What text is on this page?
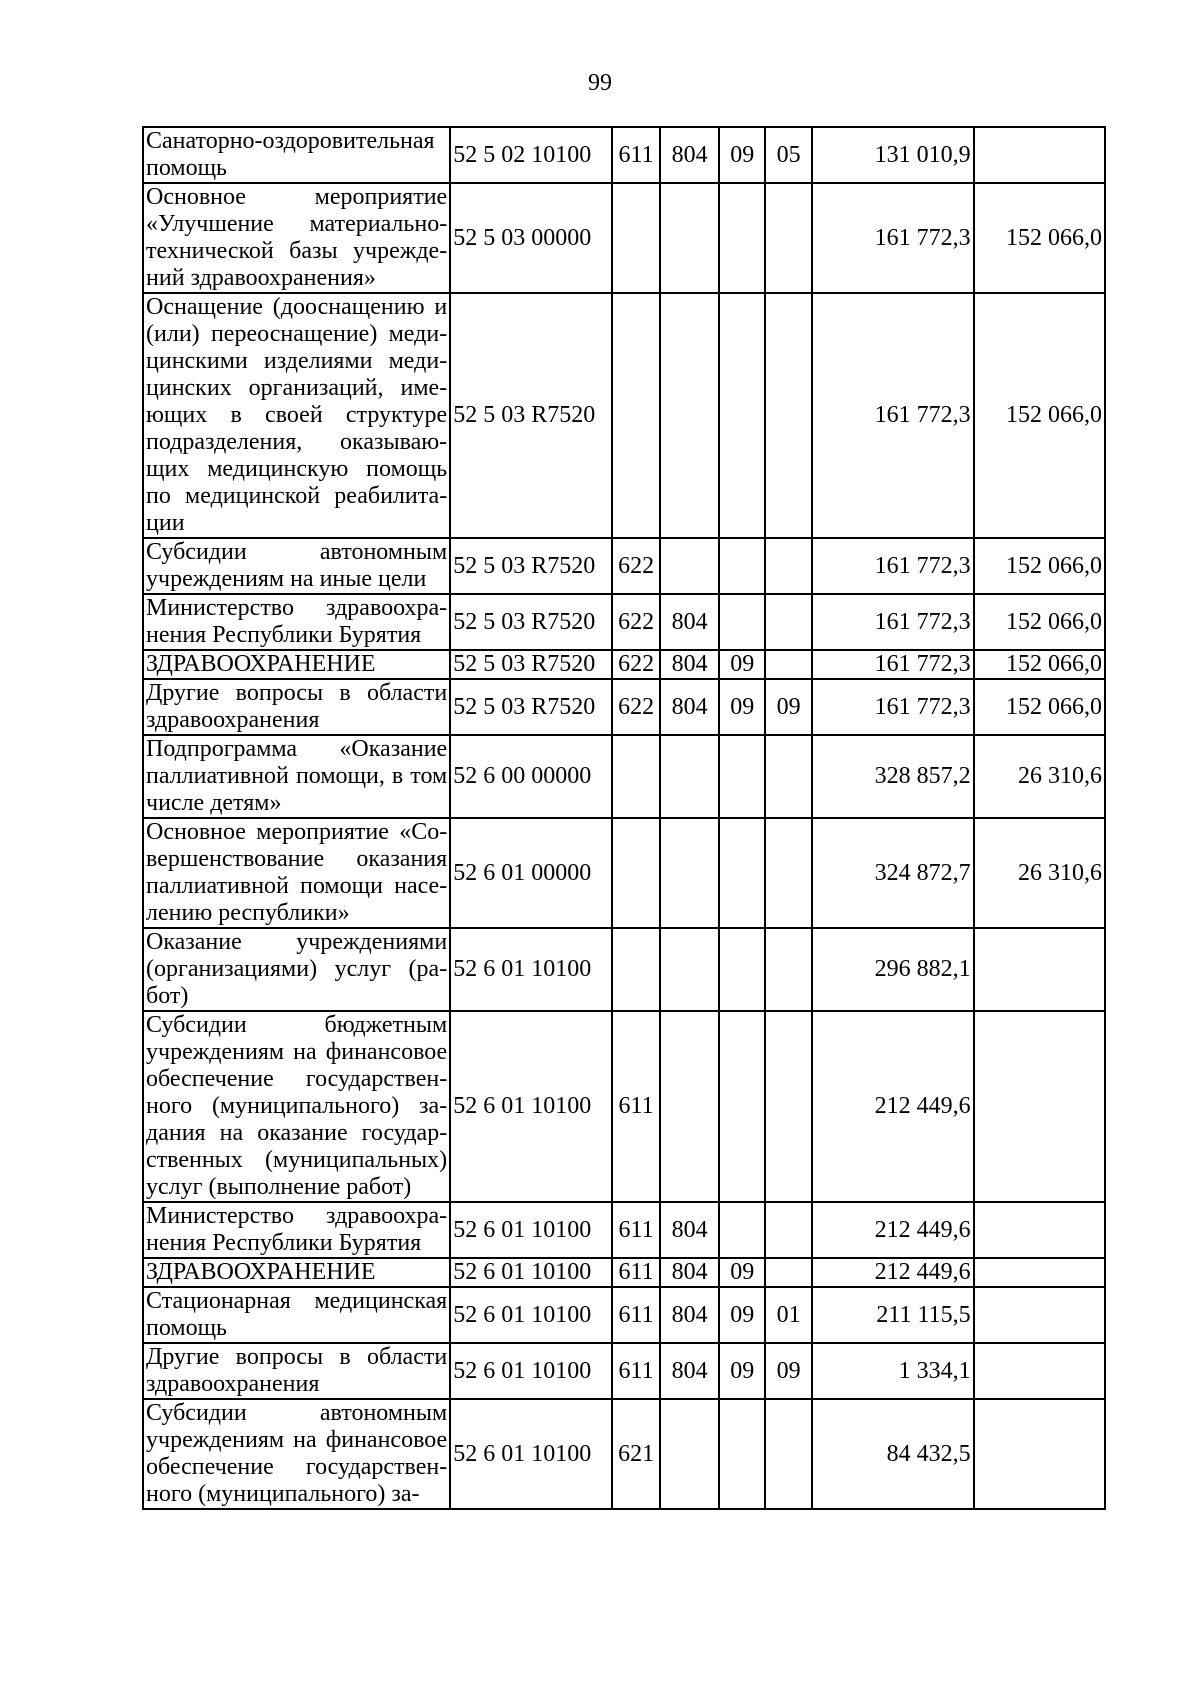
99
Санаторно-оздоровительная помощь	52 5 02 10100	611	804	09	05	131 010,9	
Основное мероприятие «Улучшение материально-технической базы учрежде-ний здравоохранения»	52 5 03 00000					161 772,3	152 066,0
Оснащение (дооснащению и (или) переоснащение) меди-цинскими изделиями меди-цинских организаций, име-ющих в своей структуре подразделения, оказываю-щих медицинскую помощь по медицинской реабилита-ции	52 5 03 R7520					161 772,3	152 066,0
Субсидии автономным учреждениям на иные цели	52 5 03 R7520	622				161 772,3	152 066,0
Министерство здравоохра-нения Республики Бурятия	52 5 03 R7520	622	804			161 772,3	152 066,0
ЗДРАВООХРАНЕНИЕ	52 5 03 R7520	622	804	09		161 772,3	152 066,0
Другие вопросы в области здравоохранения	52 5 03 R7520	622	804	09	09	161 772,3	152 066,0
Подпрограмма «Оказание паллиативной помощи, в том числе детям»	52 6 00 00000					328 857,2	26 310,6
Основное мероприятие «Со-вершенствование оказания паллиативной помощи насе-лению республики»	52 6 01 00000					324 872,7	26 310,6
Оказание учреждениями (организациями) услуг (ра-бот)	52 6 01 10100					296 882,1	
Субсидии бюджетным учреждениям на финансовое обеспечение государствен-ного (муниципального) за-дания на оказание государ-ственных (муниципальных) услуг (выполнение работ)	52 6 01 10100	611				212 449,6	
Министерство здравоохра-нения Республики Бурятия	52 6 01 10100	611	804			212 449,6	
ЗДРАВООХРАНЕНИЕ	52 6 01 10100	611	804	09		212 449,6	
Стационарная медицинская помощь	52 6 01 10100	611	804	09	01	211 115,5	
Другие вопросы в области здравоохранения	52 6 01 10100	611	804	09	09	1 334,1	
Субсидии автономным учреждениям на финансовое обеспечение государствен-ного (муниципального) за-	52 6 01 10100	621				84 432,5	
